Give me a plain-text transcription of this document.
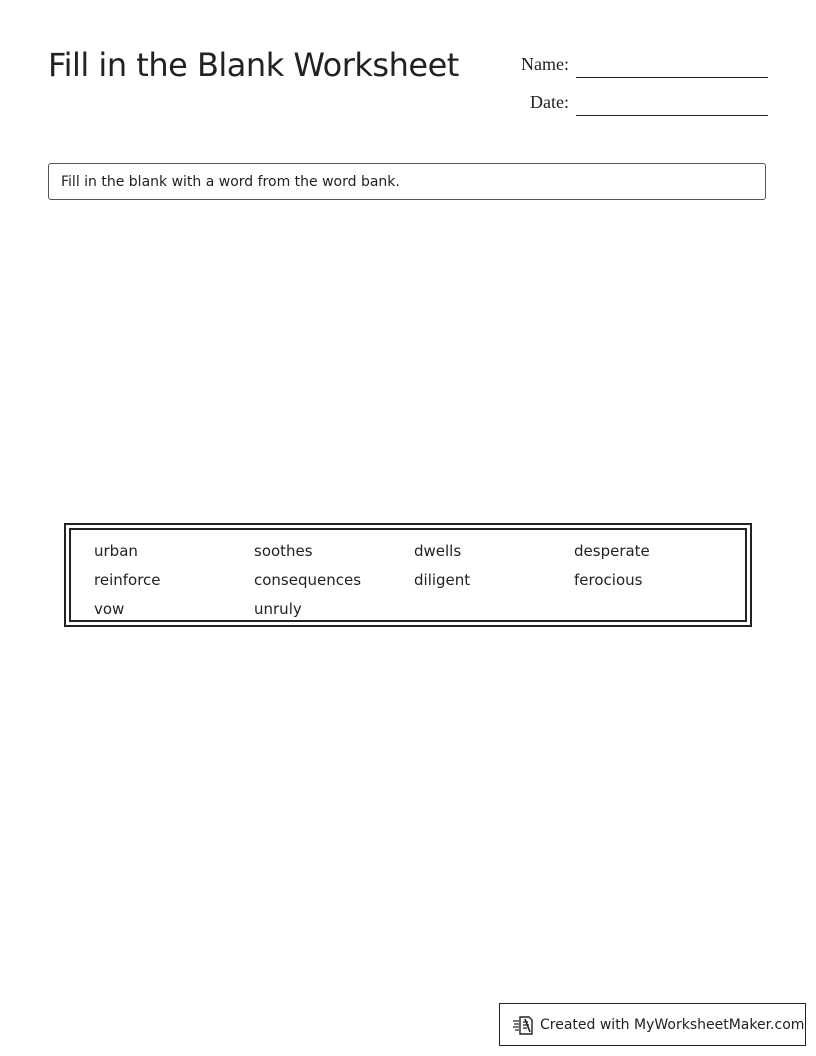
Fill in the Blank Worksheet	Name:
Date:
Fill in the blank with a word from the word bank.
urban	soothes	dwells	desperate
reinforce	consequences	diligent	ferocious
vow	unruly
Created with MyWorksheetMaker.com
